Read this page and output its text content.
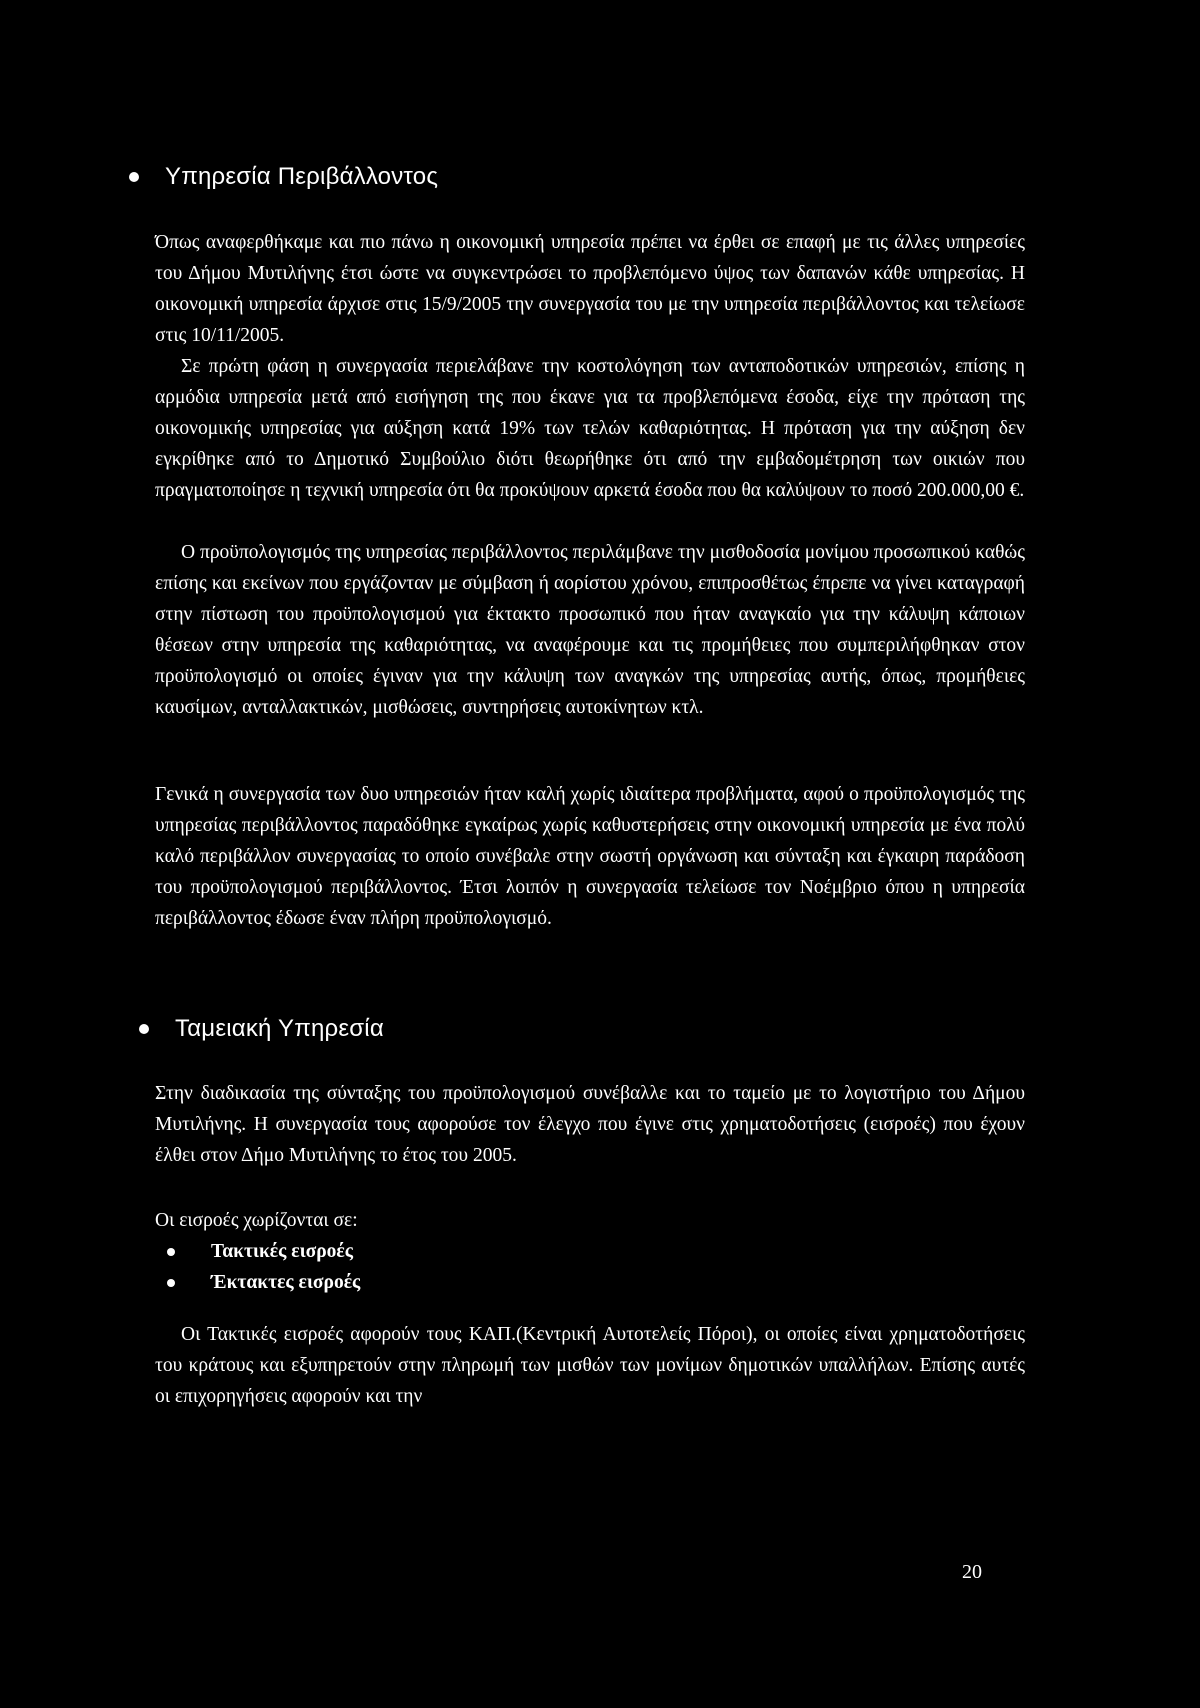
Υπηρεσία Περιβάλλοντος

Όπως αναφερθήκαμε και πιο πάνω η οικονομική υπηρεσία πρέπει να έρθει σε επαφή με τις άλλες υπηρεσίες του Δήμου Μυτιλήνης έτσι ώστε να συγκεντρώσει το προβλεπόμενο ύψος των δαπανών κάθε υπηρεσίας. Η οικονομική υπηρεσία άρχισε στις 15/9/2005 την συνεργασία του με την υπηρεσία περιβάλλοντος και τελείωσε στις 10/11/2005.

Σε πρώτη φάση η συνεργασία περιελάβανε την κοστολόγηση των ανταποδοτικών υπηρεσιών, επίσης η αρμόδια υπηρεσία μετά από εισήγηση της που έκανε για τα προβλεπόμενα έσοδα, είχε την πρόταση της οικονομικής υπηρεσίας για αύξηση κατά 19% των τελών καθαριότητας. Η πρόταση για την αύξηση δεν εγκρίθηκε από το Δημοτικό Συμβούλιο διότι θεωρήθηκε ότι από την εμβαδομέτρηση των οικιών που πραγματοποίησε η τεχνική υπηρεσία ότι θα προκύψουν αρκετά έσοδα που θα καλύψουν το ποσό 200.000,00 €.

Ο προϋπολογισμός της υπηρεσίας περιβάλλοντος περιλάμβανε την μισθοδοσία μονίμου προσωπικού καθώς επίσης και εκείνων που εργάζονταν με σύμβαση ή αορίστου χρόνου, επιπροσθέτως έπρεπε να γίνει καταγραφή στην πίστωση του προϋπολογισμού για έκτακτο προσωπικό που ήταν αναγκαίο για την κάλυψη κάποιων θέσεων στην υπηρεσία της καθαριότητας, να αναφέρουμε και τις προμήθειες που συμπεριλήφθηκαν στον προϋπολογισμό οι οποίες έγιναν για την κάλυψη των αναγκών της υπηρεσίας αυτής, όπως, προμήθειες καυσίμων, ανταλλακτικών, μισθώσεις, συντηρήσεις αυτοκίνητων κτλ.

Γενικά η συνεργασία των δυο υπηρεσιών ήταν καλή χωρίς ιδιαίτερα προβλήματα, αφού ο προϋπολογισμός της υπηρεσίας περιβάλλοντος παραδόθηκε εγκαίρως χωρίς καθυστερήσεις στην οικονομική υπηρεσία με ένα πολύ καλό περιβάλλον συνεργασίας το οποίο συνέβαλε στην σωστή οργάνωση και σύνταξη και έγκαιρη παράδοση του προϋπολογισμού περιβάλλοντος. Έτσι λοιπόν η συνεργασία τελείωσε τον Νοέμβριο όπου η υπηρεσία περιβάλλοντος έδωσε έναν πλήρη προϋπολογισμό.

Ταμειακή Υπηρεσία

Στην διαδικασία της σύνταξης του προϋπολογισμού συνέβαλλε και το ταμείο με το λογιστήριο του Δήμου Μυτιλήνης. Η συνεργασία τους αφορούσε τον έλεγχο που έγινε στις χρηματοδοτήσεις (εισροές) που έχουν έλθει στον Δήμο Μυτιλήνης το έτος του 2005.

Οι εισροές χωρίζονται σε:

Τακτικές εισροές
Έκτακτες εισροές

Οι Τακτικές εισροές αφορούν τους ΚΑΠ.(Κεντρική Αυτοτελείς Πόροι), οι οποίες είναι χρηματοδοτήσεις του κράτους και εξυπηρετούν στην πληρωμή των μισθών των μονίμων δημοτικών υπαλλήλων. Επίσης αυτές οι επιχορηγήσεις αφορούν και την

20
